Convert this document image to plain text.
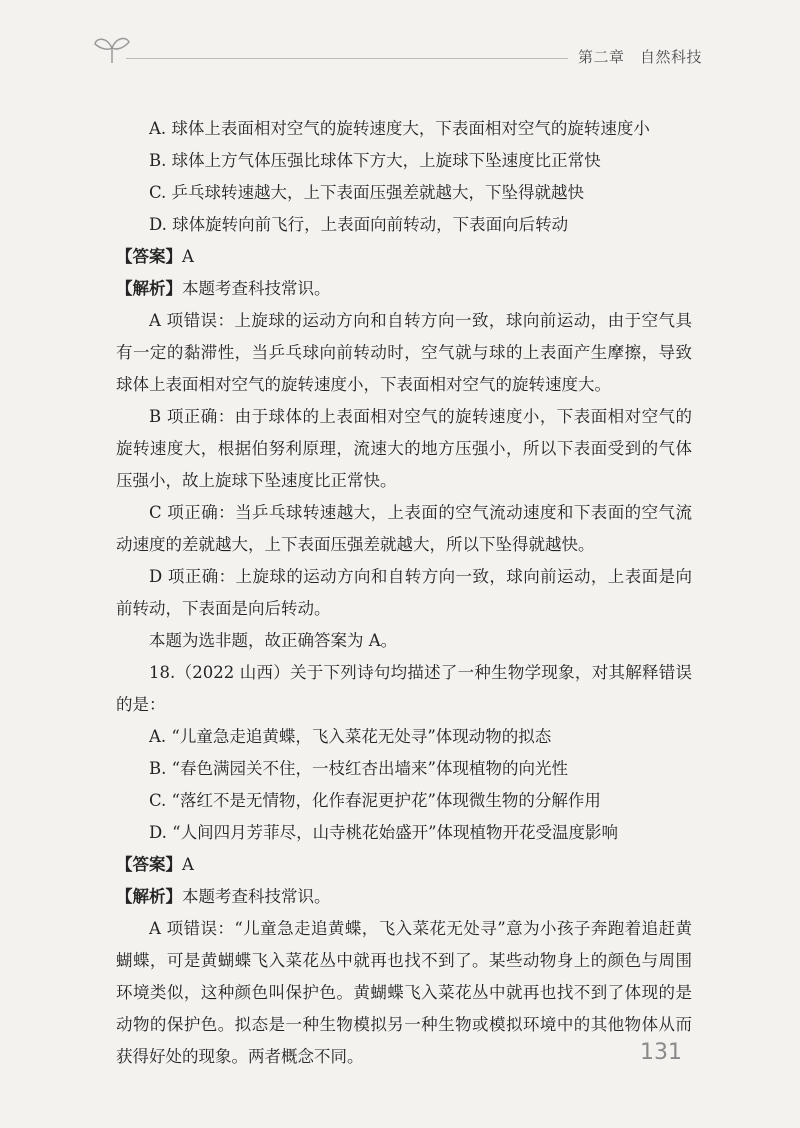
第二章　自然科技

A. 球体上表面相对空气的旋转速度大，下表面相对空气的旋转速度小

B. 球体上方气体压强比球体下方大，上旋球下坠速度比正常快

C. 乒乓球转速越大，上下表面压强差就越大，下坠得就越快

D. 球体旋转向前飞行，上表面向前转动，下表面向后转动

【答案】A

【解析】本题考查科技常识。

A 项错误：上旋球的运动方向和自转方向一致，球向前运动，由于空气具有一定的黏滞性，当乒乓球向前转动时，空气就与球的上表面产生摩擦，导致球体上表面相对空气的旋转速度小，下表面相对空气的旋转速度大。

B 项正确：由于球体的上表面相对空气的旋转速度小，下表面相对空气的旋转速度大，根据伯努利原理，流速大的地方压强小，所以下表面受到的气体压强小，故上旋球下坠速度比正常快。

C 项正确：当乒乓球转速越大，上表面的空气流动速度和下表面的空气流动速度的差就越大，上下表面压强差就越大，所以下坠得就越快。

D 项正确：上旋球的运动方向和自转方向一致，球向前运动，上表面是向前转动，下表面是向后转动。

本题为选非题，故正确答案为 A。

18.（2022 山西）关于下列诗句均描述了一种生物学现象，对其解释错误的是：

A. “儿童急走追黄蝶，飞入菜花无处寻”体现动物的拟态

B. “春色满园关不住，一枝红杏出墙来”体现植物的向光性

C. “落红不是无情物，化作春泥更护花”体现微生物的分解作用

D. “人间四月芳菲尽，山寺桃花始盛开”体现植物开花受温度影响

【答案】A

【解析】本题考查科技常识。

A 项错误：“儿童急走追黄蝶，飞入菜花无处寻”意为小孩子奔跑着追赶黄蝴蝶，可是黄蝴蝶飞入菜花丛中就再也找不到了。某些动物身上的颜色与周围环境类似，这种颜色叫保护色。黄蝴蝶飞入菜花丛中就再也找不到了体现的是动物的保护色。拟态是一种生物模拟另一种生物或模拟环境中的其他物体从而获得好处的现象。两者概念不同。	131
